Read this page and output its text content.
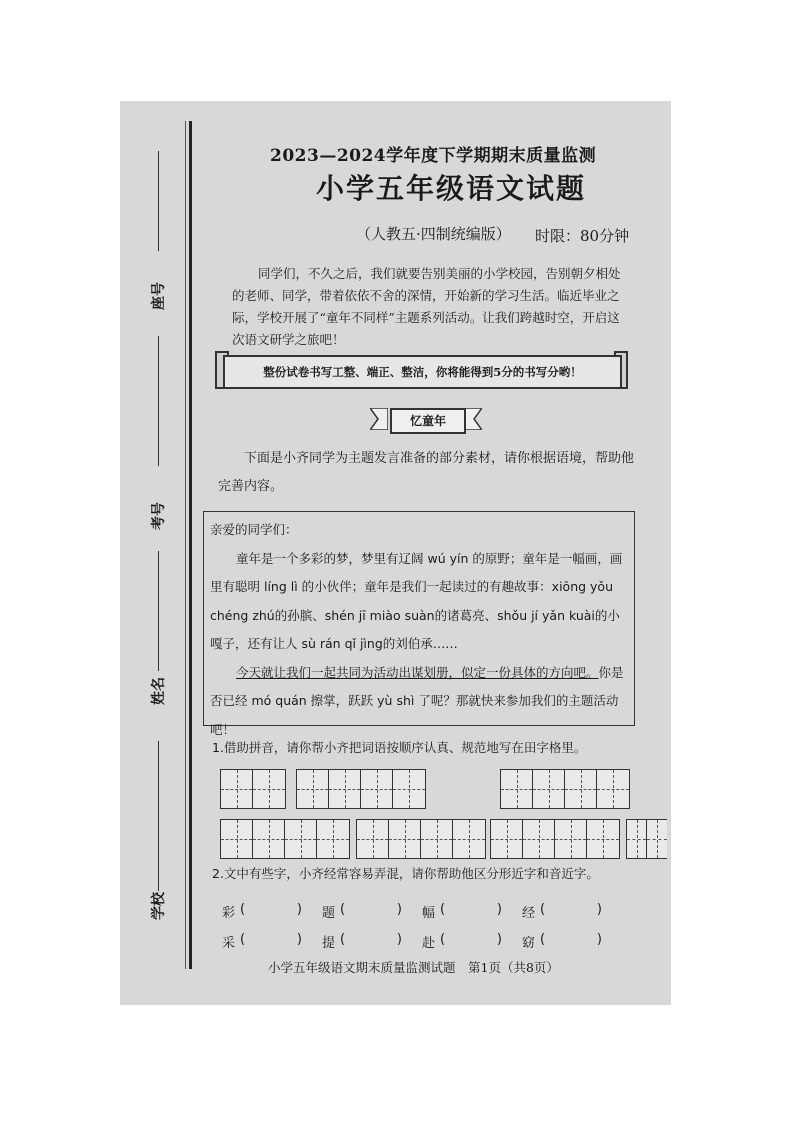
座号
考号
姓名
学校
2023—2024学年度下学期期末质量监测
小学五年级语文试题
（人教五·四制统编版） 时限：80分钟
同学们，不久之后，我们就要告别美丽的小学校园，告别朝夕相处的老师、同学，带着依依不舍的深情，开始新的学习生活。临近毕业之际，学校开展了“童年不同样”主题系列活动。让我们跨越时空，开启这次语文研学之旅吧！
整份试卷书写工整、端正、整洁，你将能得到5分的书写分哟！
忆童年
下面是小齐同学为主题发言准备的部分素材，请你根据语境，帮助他完善内容。

亲爱的同学们：

童年是一个多彩的梦，梦里有辽阔 wú yín 的原野；童年是一幅画，画里有聪明 líng lì 的小伙伴；童年是我们一起读过的有趣故事：xiōng yǒu chéng zhú的孙膑、shén jī miào suàn的诸葛亮、shǒu jí yǎn kuài的小嘎子，还有让人 sù rán qǐ jìng的刘伯承……

今天就让我们一起共同为活动出谋划册，似定一份具体的方向吧。你是否已经 mó quán 擦掌，跃跃 yù shì 了呢？那就快来参加我们的主题活动吧！

1.借助拼音，请你帮小齐把词语按顺序认真、规范地写在田字格里。
2.文中有些字，小齐经常容易弄混，请你帮助他区分形近字和音近字。
彩 (	) 题 (	) 幅 (	) 经 (	)
采 (	) 提 (	) 赴 (	) 窈 (	)
小学五年级语文期末质量监测试题　第1页（共8页）
